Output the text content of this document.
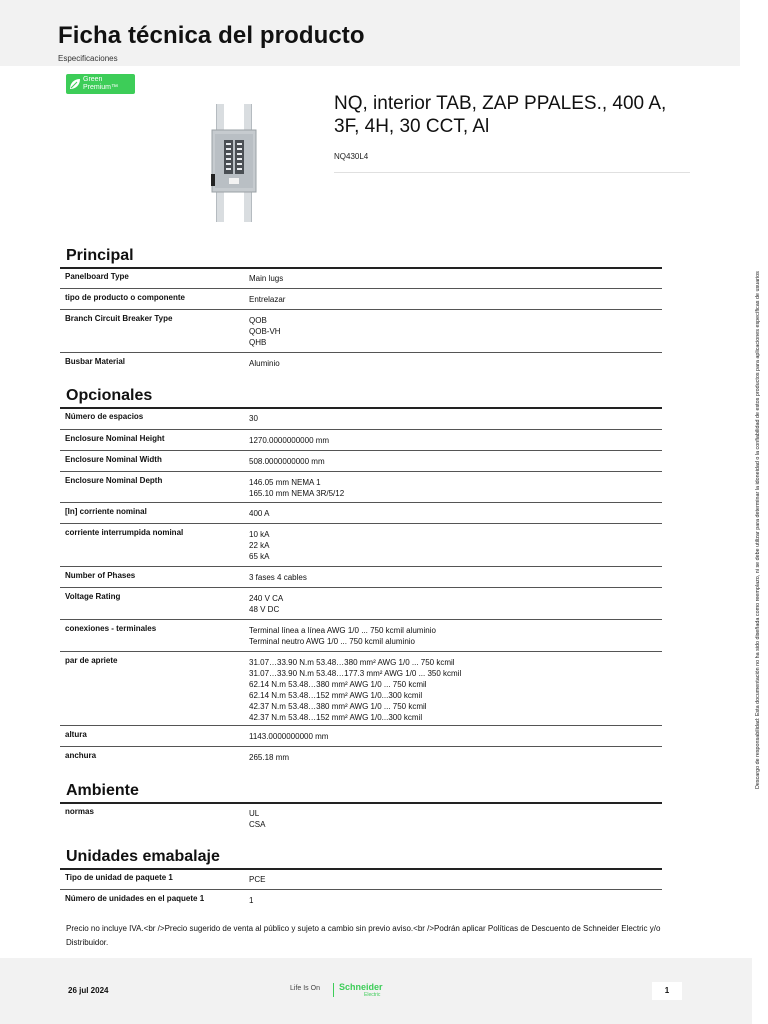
Ficha técnica del producto
Especificaciones
Green
Premium™
NQ, interior TAB, ZAP PPALES., 400 A, 3F, 4H, 30 CCT, Al
NQ430L4
Principal
Panelboard Type	Main lugs
tipo de producto o componente	Entrelazar
Branch Circuit Breaker Type	QOB
QOB-VH
QHB
Busbar Material	Aluminio
Opcionales
Número de espacios	30
Enclosure Nominal Height	1270.0000000000 mm
Enclosure Nominal Width	508.0000000000 mm
Enclosure Nominal Depth	146.05 mm NEMA 1
165.10 mm NEMA 3R/5/12
[In] corriente nominal	400 A
corriente interrumpida nominal	10 kA
22 kA
65 kA
Number of Phases	3 fases 4 cables
Voltage Rating	240 V CA
48 V DC
conexiones - terminales	Terminal línea a línea AWG 1/0 ... 750 kcmil aluminio
Terminal neutro AWG 1/0 ... 750 kcmil aluminio
par de apriete	31.07…33.90 N.m 53.48…380 mm² AWG 1/0 ... 750 kcmil
31.07…33.90 N.m 53.48…177.3 mm² AWG 1/0 ... 350 kcmil
62.14 N.m 53.48…380 mm² AWG 1/0 ... 750 kcmil
62.14 N.m 53.48…152 mm² AWG 1/0...300 kcmil
42.37 N.m 53.48…380 mm² AWG 1/0 ... 750 kcmil
42.37 N.m 53.48…152 mm² AWG 1/0...300 kcmil
altura	1143.0000000000 mm
anchura	265.18 mm
Ambiente
normas	UL
CSA
Unidades emabalaje
Tipo de unidad de paquete 1	PCE
Número de unidades en el paquete 1	1
Precio no incluye IVA.<br />Precio sugerido de venta al público y sujeto a cambio sin previo aviso.<br />Podrán aplicar Políticas de Descuento de Schneider Electric y/o Distribuidor.
26 jul 2024	Life Is On Schneider
Electric	1
Descargo de responsabilidad: Esta documentación no ha sido diseñada como reemplazo, ni se debe utilizar para determinar la idoneidad o la confiabilidad de estos productos para aplicaciones específicas de usuarios
